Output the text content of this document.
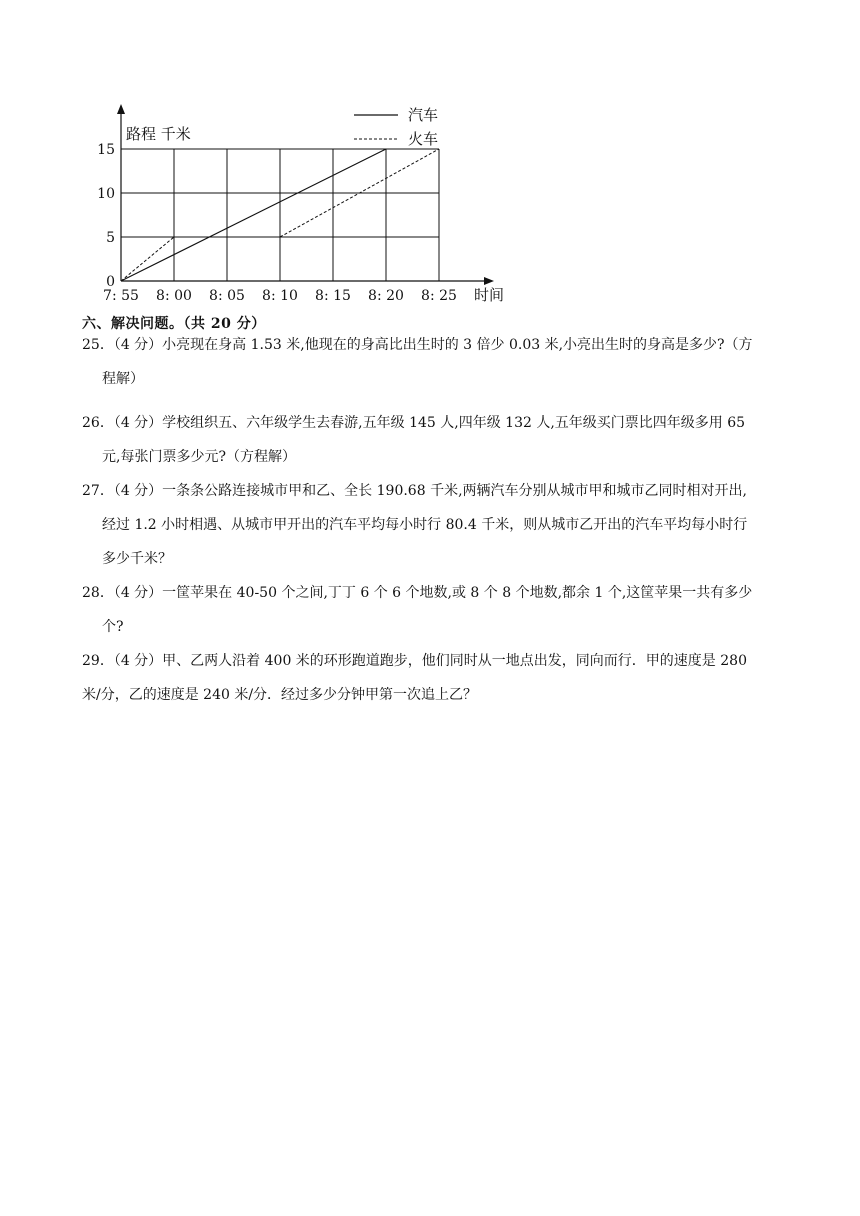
0
5
10
15
7: 55 8: 00 8: 05 8: 10 8: 15 8: 20 8: 25
路程 千米
时间
汽车
火车
六、解决问题。（共 20 分）
25．（4 分）小亮现在身高 1.53 米,他现在的身高比出生时的 3 倍少 0.03 米,小亮出生时的身高是多少?（方
程解）
26．（4 分）学校组织五、六年级学生去春游,五年级 145 人,四年级 132 人,五年级买门票比四年级多用 65
元,每张门票多少元?（方程解）
27．（4 分）一条条公路连接城市甲和乙、全长 190.68 千米,两辆汽车分别从城市甲和城市乙同时相对开出,
经过 1.2 小时相遇、从城市甲开出的汽车平均每小时行 80.4 千米，则从城市乙开出的汽车平均每小时行
多少千米？
28．（4 分）一筐苹果在 40-50 个之间,丁丁 6 个 6 个地数,或 8 个 8 个地数,都余 1 个,这筐苹果一共有多少
个?
29．（4 分）甲、乙两人沿着 400 米的环形跑道跑步，他们同时从一地点出发，同向而行．甲的速度是 280
米/分，乙的速度是 240 米/分．经过多少分钟甲第一次追上乙？
